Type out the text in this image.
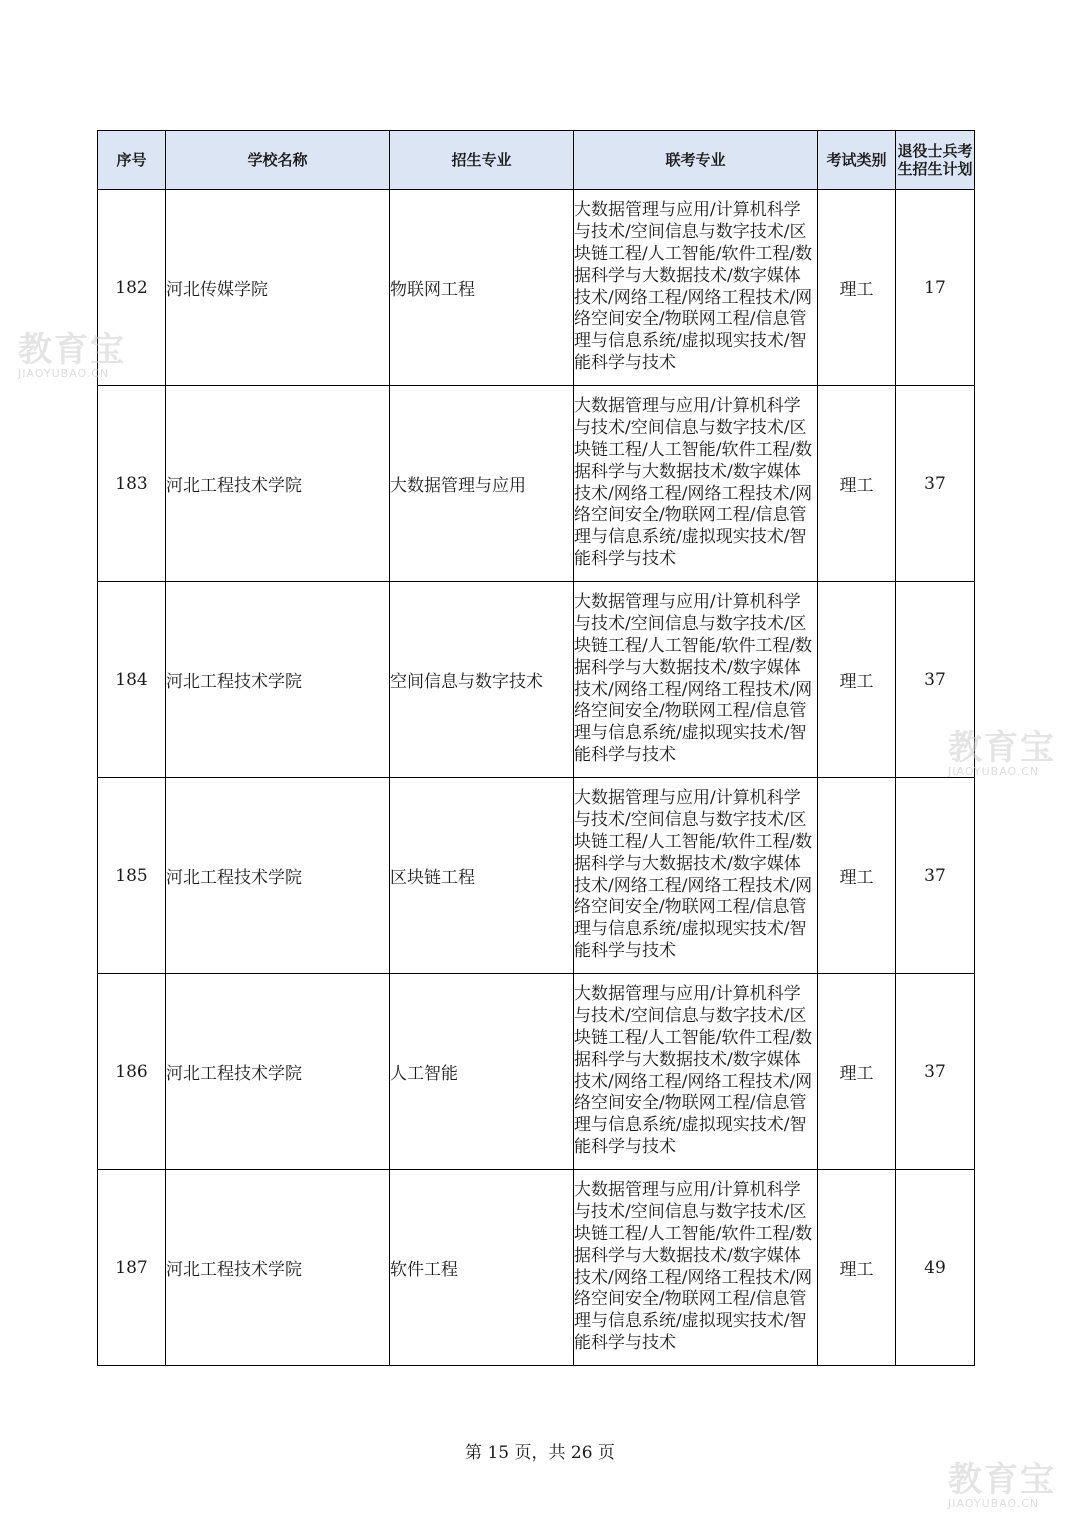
序号	学校名称	招生专业	联考专业	考试类别	退役士兵考生招生计划
182	河北传媒学院	物联网工程	大数据管理与应用/计算机科学与技术/空间信息与数字技术/区块链工程/人工智能/软件工程/数据科学与大数据技术/数字媒体技术/网络工程/网络工程技术/网络空间安全/物联网工程/信息管理与信息系统/虚拟现实技术/智能科学与技术	理工	17
183	河北工程技术学院	大数据管理与应用	大数据管理与应用/计算机科学与技术/空间信息与数字技术/区块链工程/人工智能/软件工程/数据科学与大数据技术/数字媒体技术/网络工程/网络工程技术/网络空间安全/物联网工程/信息管理与信息系统/虚拟现实技术/智能科学与技术	理工	37
184	河北工程技术学院	空间信息与数字技术	大数据管理与应用/计算机科学与技术/空间信息与数字技术/区块链工程/人工智能/软件工程/数据科学与大数据技术/数字媒体技术/网络工程/网络工程技术/网络空间安全/物联网工程/信息管理与信息系统/虚拟现实技术/智能科学与技术	理工	37
185	河北工程技术学院	区块链工程	大数据管理与应用/计算机科学与技术/空间信息与数字技术/区块链工程/人工智能/软件工程/数据科学与大数据技术/数字媒体技术/网络工程/网络工程技术/网络空间安全/物联网工程/信息管理与信息系统/虚拟现实技术/智能科学与技术	理工	37
186	河北工程技术学院	人工智能	大数据管理与应用/计算机科学与技术/空间信息与数字技术/区块链工程/人工智能/软件工程/数据科学与大数据技术/数字媒体技术/网络工程/网络工程技术/网络空间安全/物联网工程/信息管理与信息系统/虚拟现实技术/智能科学与技术	理工	37
187	河北工程技术学院	软件工程	大数据管理与应用/计算机科学与技术/空间信息与数字技术/区块链工程/人工智能/软件工程/数据科学与大数据技术/数字媒体技术/网络工程/网络工程技术/网络空间安全/物联网工程/信息管理与信息系统/虚拟现实技术/智能科学与技术	理工	49
第 15 页，共 26 页
教育宝
JIAOYUBAO.CN
教育宝
JIAOYUBAO.CN
教育宝
JIAOYUBAO.CN
